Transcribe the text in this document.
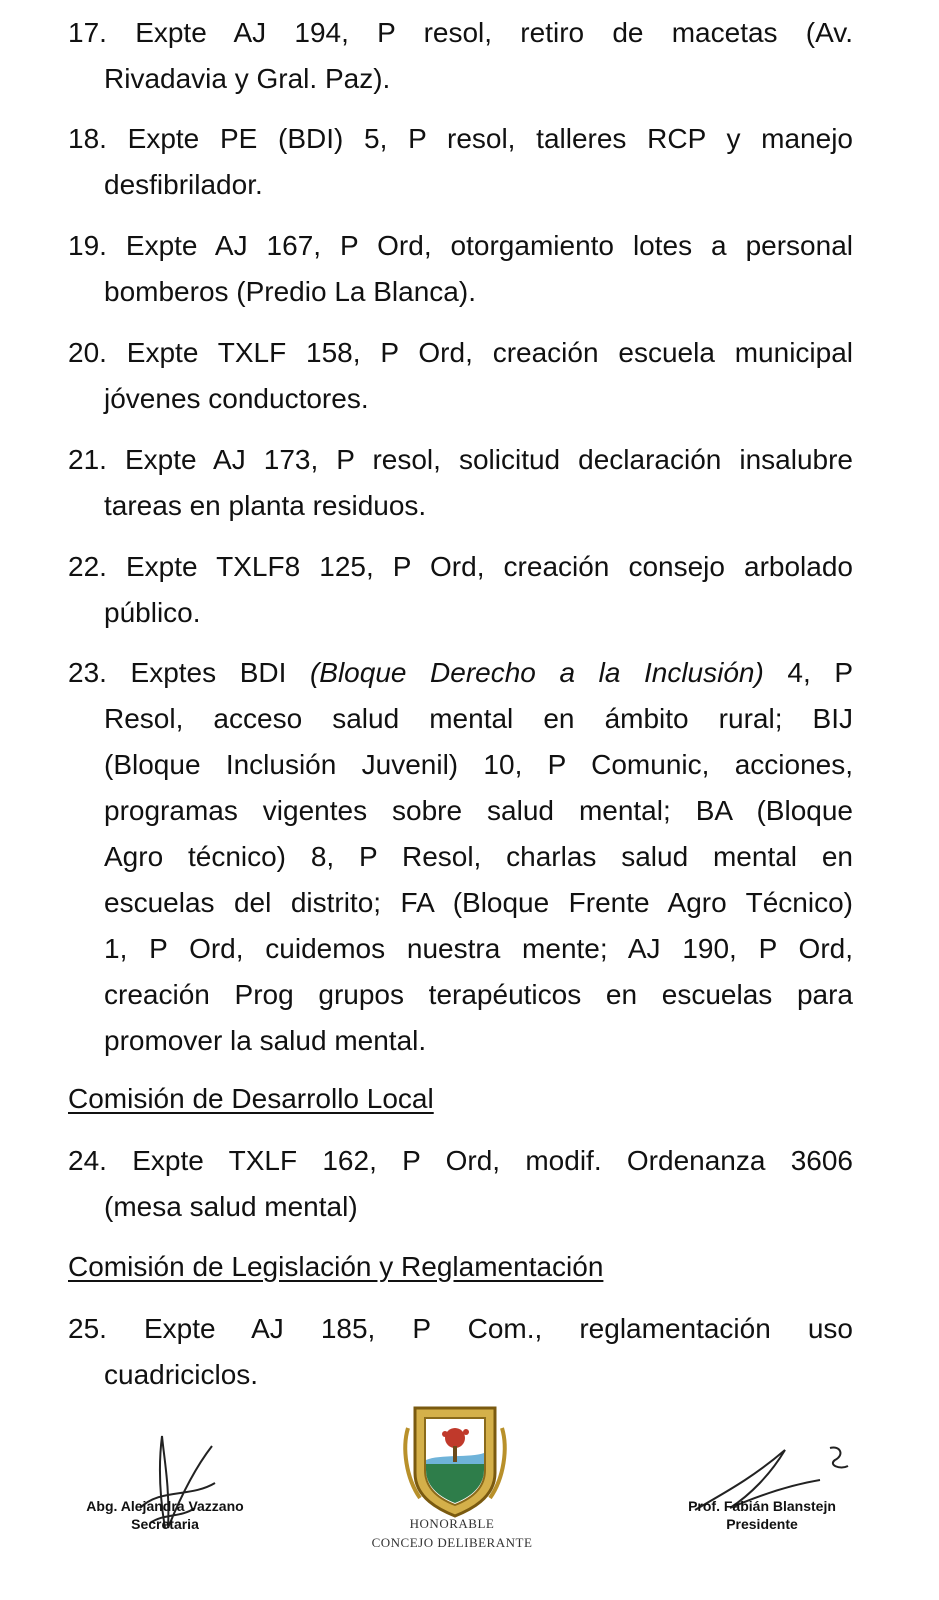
17. Expte AJ 194, P resol, retiro de macetas (Av.
Rivadavia y Gral. Paz).
18. Expte PE (BDI) 5, P resol, talleres RCP y manejo
desfibrilador.
19. Expte AJ 167, P Ord, otorgamiento lotes a personal
bomberos (Predio La Blanca).
20. Expte TXLF 158, P Ord, creación escuela municipal
jóvenes conductores.
21. Expte AJ 173, P resol, solicitud declaración insalubre
tareas en planta residuos.
22. Expte TXLF8 125, P Ord, creación consejo arbolado
público.
23. Exptes BDI (Bloque Derecho a la Inclusión) 4, P
Resol, acceso salud mental en ámbito rural; BIJ
(Bloque Inclusión Juvenil) 10, P Comunic, acciones,
programas vigentes sobre salud mental; BA (Bloque
Agro técnico) 8, P Resol, charlas salud mental en
escuelas del distrito; FA (Bloque Frente Agro Técnico)
1, P Ord, cuidemos nuestra mente; AJ 190, P Ord,
creación Prog grupos terapéuticos en escuelas para
promover la salud mental.
Comisión de Desarrollo Local
24. Expte TXLF 162, P Ord, modif. Ordenanza 3606
(mesa salud mental)
Comisión de Legislación y Reglamentación
25. Expte AJ 185, P Com., reglamentación uso
cuadriciclos.
Abg. Alejandra Vazzano
Secretaria	HONORABLE
CONCEJO DELIBERANTE
Prof. Fabián Blanstejn
Presidente
